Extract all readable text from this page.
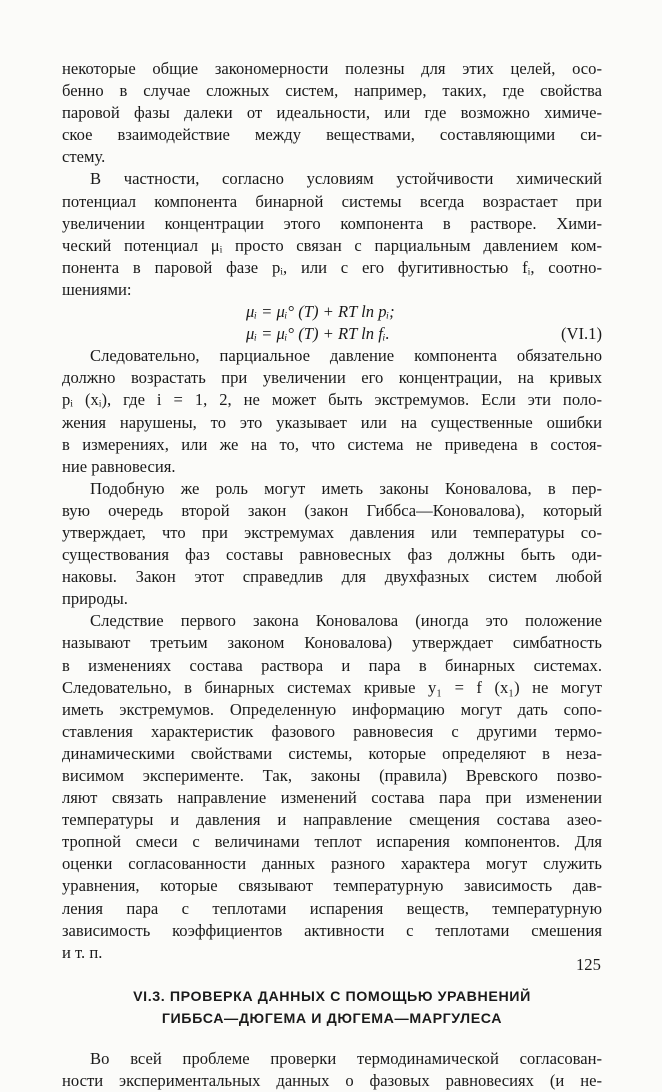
некоторые общие закономерности полезны для этих целей, осо-
бенно в случае сложных систем, например, таких, где свойства
паровой фазы далеки от идеальности, или где возможно химиче-
ское взаимодействие между веществами, составляющими си-
стему.
В частности, согласно условиям устойчивости химический
потенциал компонента бинарной системы всегда возрастает при
увеличении концентрации этого компонента в растворе. Хими-
ческий потенциал μᵢ просто связан с парциальным давлением ком-
понента в паровой фазе pᵢ, или с его фугитивностью fᵢ, соотно-
шениями:
μᵢ = μᵢ° (T) + RT ln pᵢ;
μᵢ = μᵢ° (T) + RT ln fᵢ.	(VI.1)
Следовательно, парциальное давление компонента обязательно
должно возрастать при увеличении его концентрации, на кривых
pᵢ (xᵢ), где i = 1, 2, не может быть экстремумов. Если эти поло-
жения нарушены, то это указывает или на существенные ошибки
в измерениях, или же на то, что система не приведена в состоя-
ние равновесия.
Подобную же роль могут иметь законы Коновалова, в пер-
вую очередь второй закон (закон Гиббса—Коновалова), который
утверждает, что при экстремумах давления или температуры со-
существования фаз составы равновесных фаз должны быть оди-
наковы. Закон этот справедлив для двухфазных систем любой
природы.
Следствие первого закона Коновалова (иногда это положение
называют третьим законом Коновалова) утверждает симбатность
в изменениях состава раствора и пара в бинарных системах.
Следовательно, в бинарных системах кривые y₁ = f (x₁) не могут
иметь экстремумов. Определенную информацию могут дать сопо-
ставления характеристик фазового равновесия с другими термо-
динамическими свойствами системы, которые определяют в неза-
висимом эксперименте. Так, законы (правила) Вревского позво-
ляют связать направление изменений состава пара при изменении
температуры и давления и направление смещения состава азео-
тропной смеси с величинами теплот испарения компонентов. Для
оценки согласованности данных разного характера могут служить
уравнения, которые связывают температурную зависимость дав-
ления пара с теплотами испарения веществ, температурную
зависимость коэффициентов активности с теплотами смешения
и т. п.
VI.3. ПРОВЕРКА ДАННЫХ С ПОМОЩЬЮ УРАВНЕНИЙ
ГИББСА—ДЮГЕМА И ДЮГЕМА—МАРГУЛЕСА
Во всей проблеме проверки термодинамической согласован-
ности экспериментальных данных о фазовых равновесиях (и не-
125
